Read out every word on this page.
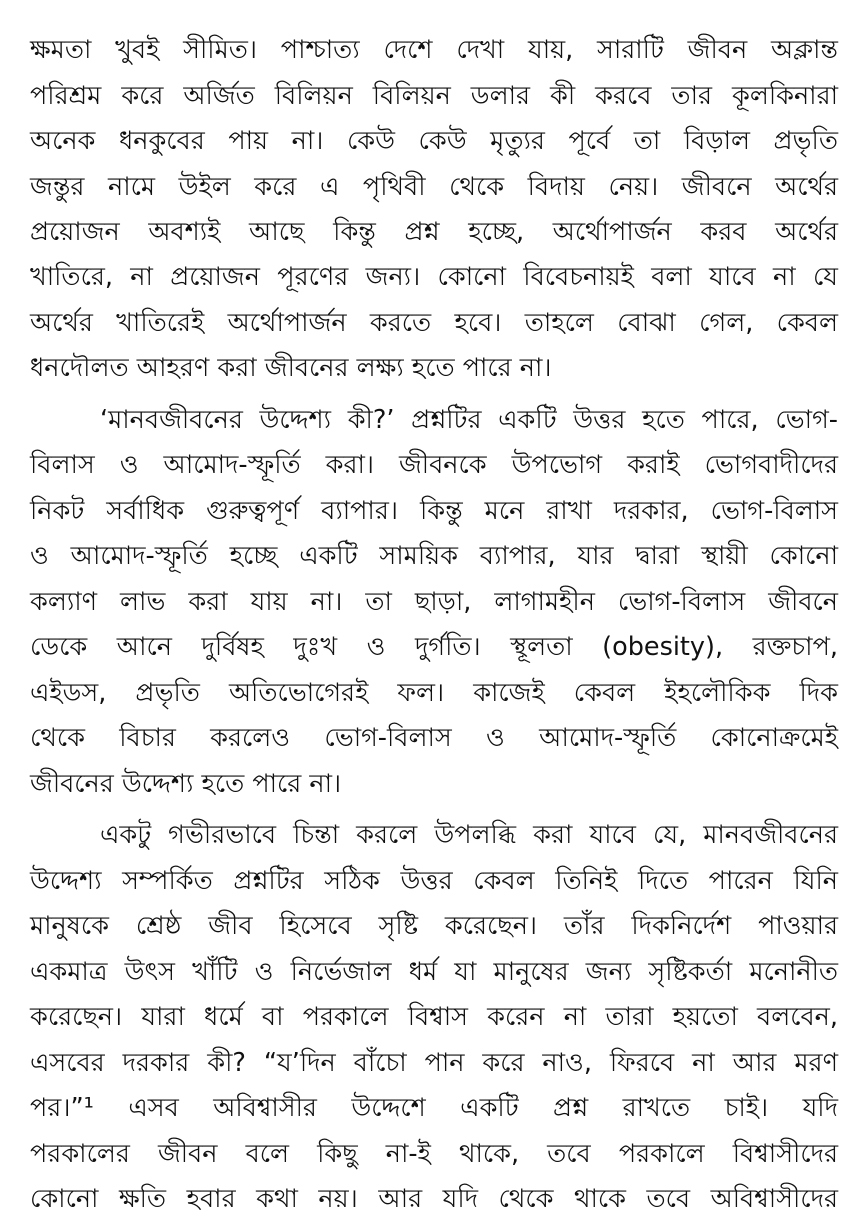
ক্ষমতা খুবই সীমিত। পাশ্চাত্য দেশে দেখা যায়, সারাটি জীবন অক্লান্ত
পরিশ্রম করে অর্জিত বিলিয়ন বিলিয়ন ডলার কী করবে তার কূলকিনারা
অনেক ধনকুবের পায় না। কেউ কেউ মৃত্যুর পূর্বে তা বিড়াল প্রভৃতি
জন্তুর নামে উইল করে এ পৃথিবী থেকে বিদায় নেয়। জীবনে অর্থের
প্রয়োজন অবশ্যই আছে কিন্তু প্রশ্ন হচ্ছে, অর্থোপার্জন করব অর্থের
খাতিরে, না প্রয়োজন পূরণের জন্য। কোনো বিবেচনায়ই বলা যাবে না যে
অর্থের খাতিরেই অর্থোপার্জন করতে হবে। তাহলে বোঝা গেল, কেবল
ধনদৌলত আহরণ করা জীবনের লক্ষ্য হতে পারে না।
‘মানবজীবনের উদ্দেশ্য কী?’ প্রশ্নটির একটি উত্তর হতে পারে, ভোগ-
বিলাস ও আমোদ-স্ফূর্তি করা। জীবনকে উপভোগ করাই ভোগবাদীদের
নিকট সর্বাধিক গুরুত্বপূর্ণ ব্যাপার। কিন্তু মনে রাখা দরকার, ভোগ-বিলাস
ও আমোদ-স্ফূর্তি হচ্ছে একটি সাময়িক ব্যাপার, যার দ্বারা স্থায়ী কোনো
কল্যাণ লাভ করা যায় না। তা ছাড়া, লাগামহীন ভোগ-বিলাস জীবনে
ডেকে আনে দুর্বিষহ দুঃখ ও দুর্গতি। স্থূলতা (obesity), রক্তচাপ,
এইডস, প্রভৃতি অতিভোগেরই ফল। কাজেই কেবল ইহলৌকিক দিক
থেকে বিচার করলেও ভোগ-বিলাস ও আমোদ-স্ফূর্তি কোনোক্রমেই
জীবনের উদ্দেশ্য হতে পারে না।
একটু গভীরভাবে চিন্তা করলে উপলব্ধি করা যাবে যে, মানবজীবনের
উদ্দেশ্য সম্পর্কিত প্রশ্নটির সঠিক উত্তর কেবল তিনিই দিতে পারেন যিনি
মানুষকে শ্রেষ্ঠ জীব হিসেবে সৃষ্টি করেছেন। তাঁর দিকনির্দেশ পাওয়ার
একমাত্র উৎস খাঁটি ও নির্ভেজাল ধর্ম যা মানুষের জন্য সৃষ্টিকর্তা মনোনীত
করেছেন। যারা ধর্মে বা পরকালে বিশ্বাস করেন না তারা হয়তো বলবেন,
এসবের দরকার কী? “য’দিন বাঁচো পান করে নাও, ফিরবে না আর মরণ
পর।”¹ এসব অবিশ্বাসীর উদ্দেশে একটি প্রশ্ন রাখতে চাই। যদি
পরকালের জীবন বলে কিছু না-ই থাকে, তবে পরকালে বিশ্বাসীদের
কোনো ক্ষতি হবার কথা নয়। আর যদি থেকে থাকে তবে অবিশ্বাসীদের
